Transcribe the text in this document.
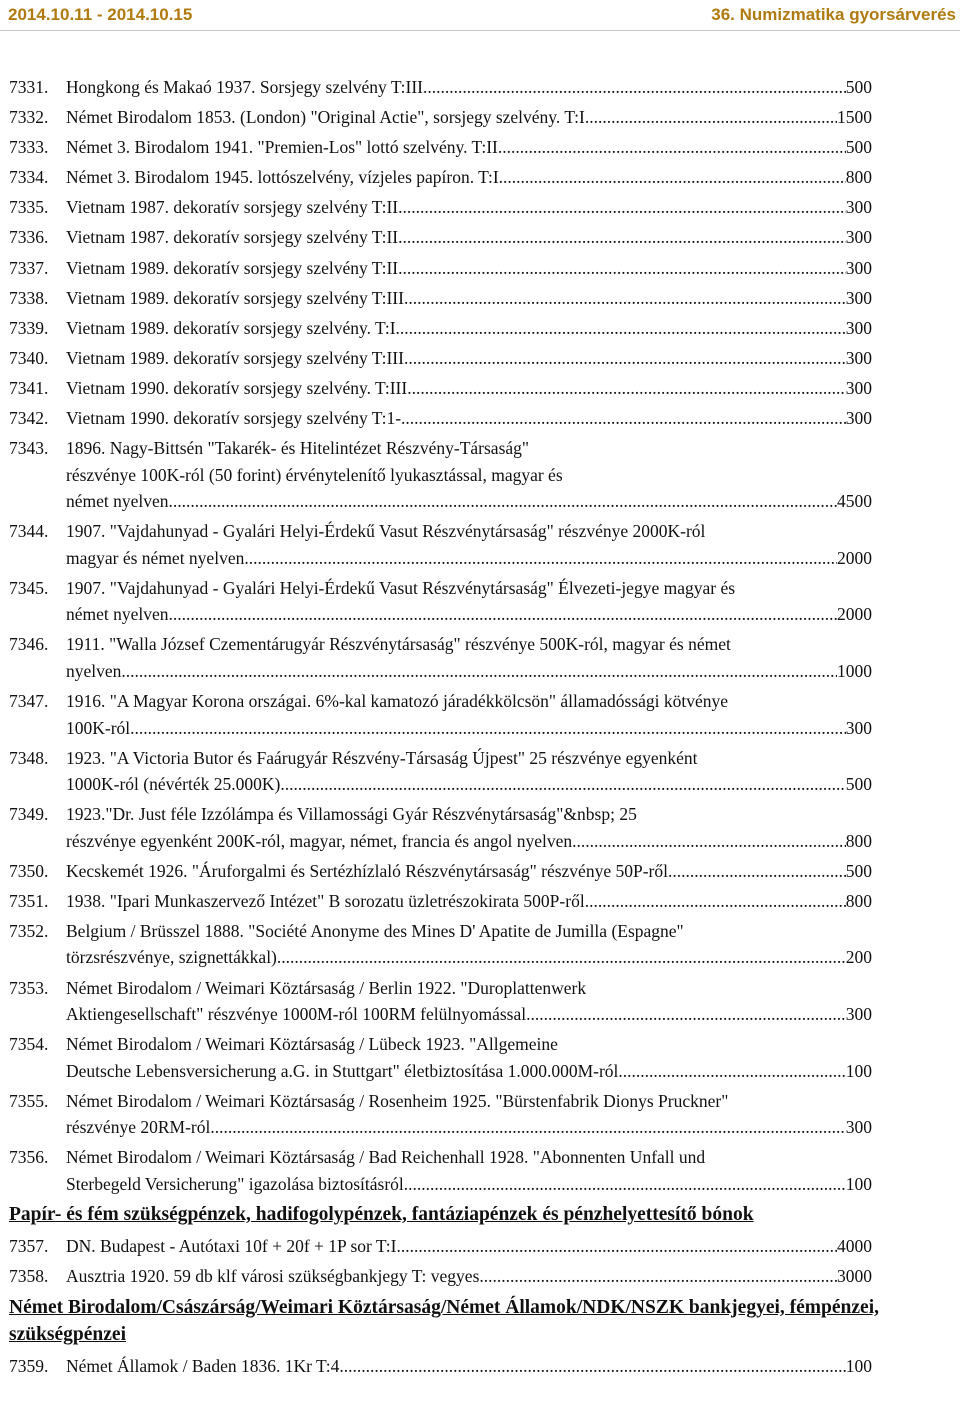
2014.10.11 - 2014.10.15	36. Numizmatika gyorsárverés
7331. Hongkong és Makaó 1937. Sorsjegy szelvény T:III .....	500
7332. Német Birodalom 1853. (London) "Original Actie", sorsjegy szelvény. T:I .....	1500
7333. Német 3. Birodalom 1941. "Premien-Los" lottó szelvény. T:II .....	500
7334. Német 3. Birodalom 1945. lottószelvény, vízjeles papíron. T:I .....	800
7335. Vietnam 1987. dekoratív sorsjegy szelvény T:II .....	300
7336. Vietnam 1987. dekoratív sorsjegy szelvény T:II .....	300
7337. Vietnam 1989. dekoratív sorsjegy szelvény T:II .....	300
7338. Vietnam 1989. dekoratív sorsjegy szelvény T:III .....	300
7339. Vietnam 1989. dekoratív sorsjegy szelvény. T:I .....	300
7340. Vietnam 1989. dekoratív sorsjegy szelvény T:III .....	300
7341. Vietnam 1990. dekoratív sorsjegy szelvény. T:III .....	300
7342. Vietnam 1990. dekoratív sorsjegy szelvény T:1- .....	300
7343. 1896. Nagy-Bittsén "Takarék- és Hitelintézet Részvény-Társaság"
részvénye 100K-ról (50 forint) érvénytelenítő lyukasztással, magyar és
német nyelven .....	4500
7344. 1907. "Vajdahunyad - Gyalári Helyi-Érdekű Vasut Részvénytársaság" részvénye 2000K-ról
magyar és német nyelven .....	2000
7345. 1907. "Vajdahunyad - Gyalári Helyi-Érdekű Vasut Részvénytársaság" Élvezeti-jegye magyar és
német nyelven .....	2000
7346. 1911. "Walla József Czementárugyár Részvénytársaság" részvénye 500K-ról, magyar és német
nyelven .....	1000
7347. 1916. "A Magyar Korona országai. 6%-kal kamatozó járadékkölcsön" államadóssági kötvénye
100K-ról .....	300
7348. 1923. "A Victoria Butor és Faárugyár Részvény-Társaság Újpest" 25 részvénye egyenként
1000K-ról (névérték 25.000K) .....	500
7349. 1923."Dr. Just féle Izzólámpa és Villamossági Gyár Részvénytársaság"&nbsp; 25
részvénye egyenként 200K-ról, magyar, német, francia és angol nyelven .....	800
7350. Kecskemét 1926. "Áruforgalmi és Sertézhízlaló Részvénytársaság" részvénye 50P-ről .....	500
7351. 1938. "Ipari Munkaszervező Intézet" B sorozatu üzletrészokirata 500P-ről .....	800
7352. Belgium / Brüsszel 1888. "Société Anonyme des Mines D' Apatite de Jumilla (Espagne"
törzsrészvénye, szignettákkal) .....	200
7353. Német Birodalom / Weimari Köztársaság / Berlin 1922. "Duroplattenwerk
Aktiengesellschaft" részvénye 1000M-ról 100RM felülnyomással .....	300
7354. Német Birodalom / Weimari Köztársaság / Lübeck 1923. "Allgemeine
Deutsche Lebensversicherung a.G. in Stuttgart" életbiztosítása 1.000.000M-ról .....	100
7355. Német Birodalom / Weimari Köztársaság / Rosenheim 1925. "Bürstenfabrik Dionys Pruckner"
részvénye 20RM-ról .....	300
7356. Német Birodalom / Weimari Köztársaság / Bad Reichenhall 1928. "Abonnenten Unfall und
Sterbegeld Versicherung" igazolása biztosításról .....	100
Papír- és fém szükségpénzek, hadifogolypénzek, fantáziapénzek és pénzhelyettesítő bónok
7357. DN. Budapest - Autótaxi 10f + 20f + 1P sor T:I .....	4000
7358. Ausztria 1920. 59 db klf városi szükségbankjegy T: vegyes .....	3000
Német Birodalom/Császárság/Weimari Köztársaság/Német Államok/NDK/NSZK bankjegyei, fémpénzei, szükségpénzei
7359. Német Államok / Baden 1836. 1Kr T:4 .....	100
